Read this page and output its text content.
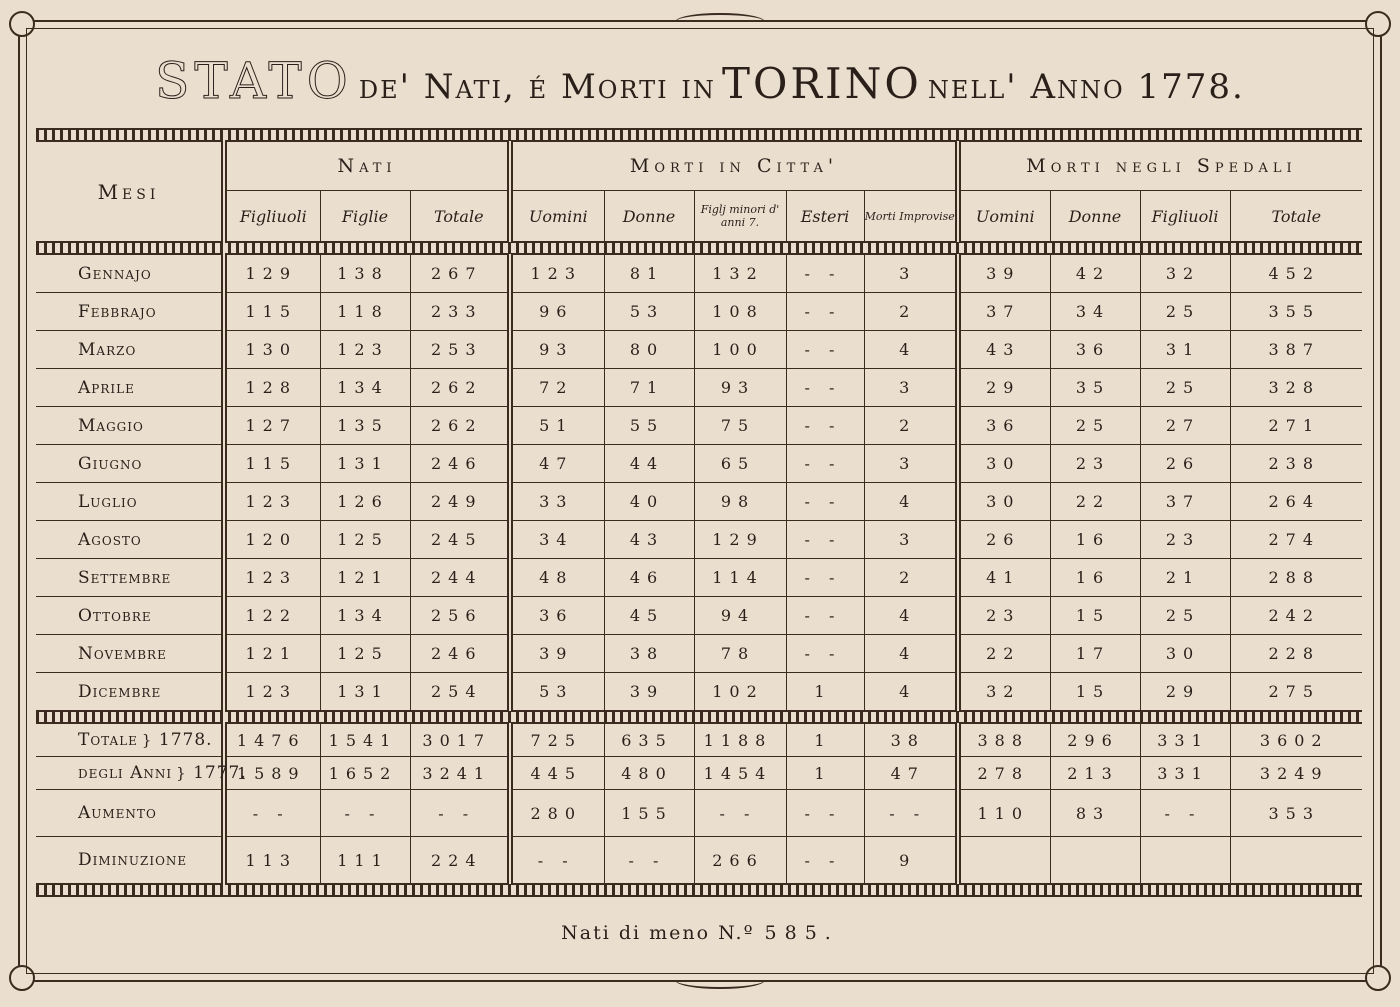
STATO de' Nati, é Morti in TORINO nell' Anno 1778.

Mesi	Nati			Morti in Citta'					Morti negli Spedali			
	Figliuoli	Figlie	Totale	Uomini	Donne	Figlj minori d' anni 7.	Esteri	Morti Improvise	Uomini	Donne	Figliuoli	Totale

Gennajo	129	138	267	123	81	132	- -	3	39	42	32	452
Febbrajo	115	118	233	96	53	108	- -	2	37	34	25	355
Marzo	130	123	253	93	80	100	- -	4	43	36	31	387
Aprile	128	134	262	72	71	93	- -	3	29	35	25	328
Maggio	127	135	262	51	55	75	- -	2	36	25	27	271
Giugno	115	131	246	47	44	65	- -	3	30	23	26	238
Luglio	123	126	249	33	40	98	- -	4	30	22	37	264
Agosto	120	125	245	34	43	129	- -	3	26	16	23	274
Settembre	123	121	244	48	46	114	- -	2	41	16	21	288
Ottobre	122	134	256	36	45	94	- -	4	23	15	25	242
Novembre	121	125	246	39	38	78	- -	4	22	17	30	228
Dicembre	123	131	254	53	39	102	1	4	32	15	29	275

Totale } 1778.	1476	1541	3017	725	635	1188	1	38	388	296	331	3602
degli Anni } 1777.	1589	1652	3241	445	480	1454	1	47	278	213	331	3249
Aumento	- -	- -	- -	280	155	- -	- -	- -	110	83	- -	353
Diminuzione	113	111	224	- -	- -	266	- -	9				

Nati di meno N.º 585.
